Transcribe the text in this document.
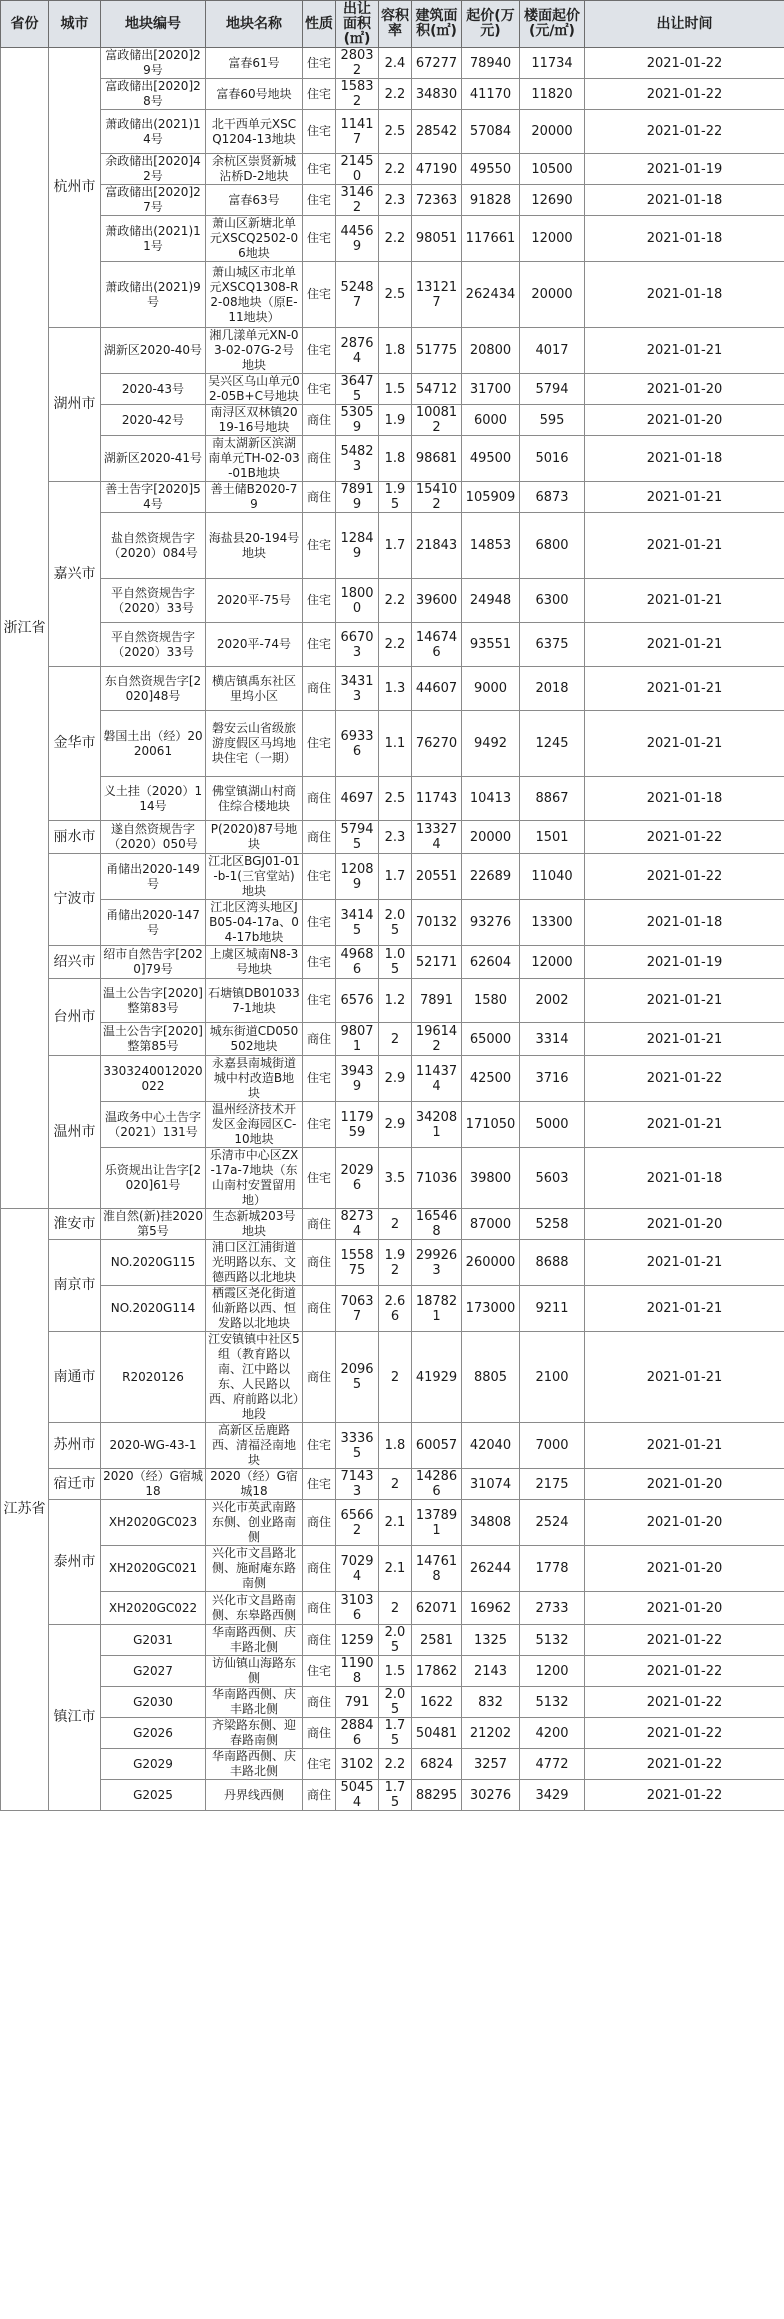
省份	城市	地块编号	地块名称	性质	出让面积(㎡)	容积率	建筑面积(㎡)	起价(万元)	楼面起价(元/㎡)	出让时间
浙江省	杭州市	富政储出[2020]29号	富春61号	住宅	28032	2.4	67277	78940	11734	2021-01-22
		富政储出[2020]28号	富春60号地块	住宅	15832	2.2	34830	41170	11820	2021-01-22
		萧政储出(2021)14号	北干西单元XSCQ1204-13地块	住宅	11417	2.5	28542	57084	20000	2021-01-22
		余政储出[2020]42号	余杭区崇贤新城沾桥D-2地块	住宅	21450	2.2	47190	49550	10500	2021-01-19
		富政储出[2020]27号	富春63号	住宅	31462	2.3	72363	91828	12690	2021-01-18
		萧政储出(2021)11号	萧山区新塘北单元XSCQ2502-06地块	住宅	44569	2.2	98051	117661	12000	2021-01-18
		萧政储出(2021)9号	萧山城区市北单元XSCQ1308-R2-08地块（原E-11地块）	住宅	52487	2.5	131217	262434	20000	2021-01-18
	湖州市	湖新区2020-40号	湘几漾单元XN-03-02-07G-2号地块	住宅	28764	1.8	51775	20800	4017	2021-01-21
		2020-43号	吴兴区乌山单元02-05B+C号地块	住宅	36475	1.5	54712	31700	5794	2021-01-20
		2020-42号	南浔区双林镇2019-16号地块	商住	53059	1.9	100812	6000	595	2021-01-20
		湖新区2020-41号	南太湖新区滨湖南单元TH-02-03-01B地块	商住	54823	1.8	98681	49500	5016	2021-01-18
	嘉兴市	善土告字[2020]54号	善土储B2020-79	商住	78919	1.95	154102	105909	6873	2021-01-21
		盐自然资规告字（2020）084号	海盐县20-194号地块	住宅	12849	1.7	21843	14853	6800	2021-01-21
		平自然资规告字（2020）33号	2020平-75号	住宅	18000	2.2	39600	24948	6300	2021-01-21
		平自然资规告字（2020）33号	2020平-74号	住宅	66703	2.2	146746	93551	6375	2021-01-21
	金华市	东自然资规告字[2020]48号	横店镇禹东社区里坞小区	商住	34313	1.3	44607	9000	2018	2021-01-21
		磐国土出（经）2020061	磐安云山省级旅游度假区马坞地块住宅（一期）	住宅	69336	1.1	76270	9492	1245	2021-01-21
		义土挂（2020）114号	佛堂镇湖山村商住综合楼地块	商住	4697	2.5	11743	10413	8867	2021-01-18
	丽水市	遂自然资规告字（2020）050号	P(2020)87号地块	商住	57945	2.3	133274	20000	1501	2021-01-22
	宁波市	甬储出2020-149号	江北区BGJ01-01-b-1(三官堂站)地块	住宅	12089	1.7	20551	22689	11040	2021-01-22
		甬储出2020-147号	江北区湾头地区JB05-04-17a、04-17b地块	住宅	34145	2.05	70132	93276	13300	2021-01-18
	绍兴市	绍市自然告字[2020]79号	上虞区城南N8-3号地块	住宅	49686	1.05	52171	62604	12000	2021-01-19
	台州市	温土公告字[2020]整第83号	石塘镇DB010337-1地块	住宅	6576	1.2	7891	1580	2002	2021-01-21
		温土公告字[2020]整第85号	城东街道CD050502地块	商住	98071	2	196142	65000	3314	2021-01-21
	温州市	3303240012020022	永嘉县南城街道城中村改造B地块	住宅	39439	2.9	114374	42500	3716	2021-01-22
		温政务中心土告字（2021）131号	温州经济技术开发区金海园区C-10地块	住宅	117959	2.9	342081	171050	5000	2021-01-21
		乐资规出让告字[2020]61号	乐清市中心区ZX-17a-7地块（东山南村安置留用地）	住宅	20296	3.5	71036	39800	5603	2021-01-18
江苏省	淮安市	淮自然(新)挂2020第5号	生态新城203号地块	商住	82734	2	165468	87000	5258	2021-01-20
	南京市	NO.2020G115	浦口区江浦街道光明路以东、文德西路以北地块	商住	155875	1.92	299263	260000	8688	2021-01-21
		NO.2020G114	栖霞区尧化街道仙新路以西、恒发路以北地块	商住	70637	2.66	187821	173000	9211	2021-01-21
	南通市	R2020126	江安镇镇中社区5组（教育路以南、江中路以东、人民路以西、府前路以北）地段	商住	20965	2	41929	8805	2100	2021-01-21
	苏州市	2020-WG-43-1	高新区岳鹿路西、清福泾南地块	住宅	33365	1.8	60057	42040	7000	2021-01-21
	宿迁市	2020（经）G宿城18	2020（经）G宿城18	住宅	71433	2	142866	31074	2175	2021-01-20
	泰州市	XH2020GC023	兴化市英武南路东侧、创业路南侧	商住	65662	2.1	137891	34808	2524	2021-01-20
		XH2020GC021	兴化市文昌路北侧、施耐庵东路南侧	商住	70294	2.1	147618	26244	1778	2021-01-20
		XH2020GC022	兴化市文昌路南侧、东皋路西侧	商住	31036	2	62071	16962	2733	2021-01-20
	镇江市	G2031	华南路西侧、庆丰路北侧	商住	1259	2.05	2581	1325	5132	2021-01-22
		G2027	访仙镇山海路东侧	住宅	11908	1.5	17862	2143	1200	2021-01-22
		G2030	华南路西侧、庆丰路北侧	商住	791	2.05	1622	832	5132	2021-01-22
		G2026	齐梁路东侧、迎春路南侧	商住	28846	1.75	50481	21202	4200	2021-01-22
		G2029	华南路西侧、庆丰路北侧	住宅	3102	2.2	6824	3257	4772	2021-01-22
		G2025	丹界线西侧	商住	50454	1.75	88295	30276	3429	2021-01-22
